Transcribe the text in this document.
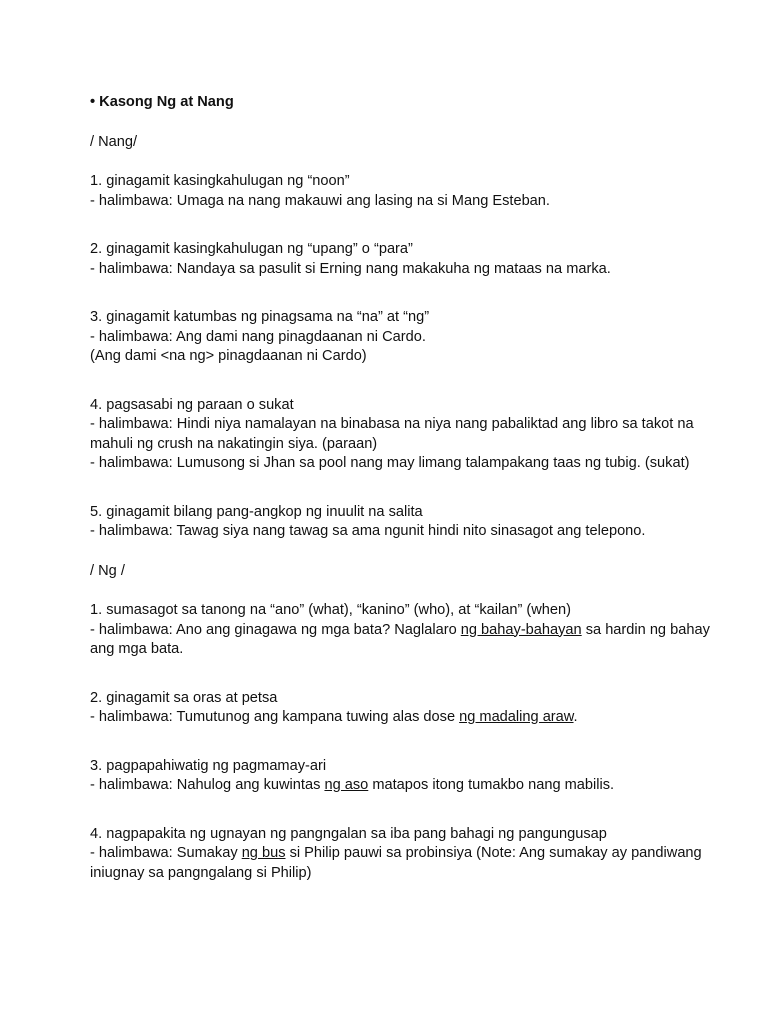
• Kasong Ng at Nang
/ Nang/
1. ginagamit kasingkahulugan ng “noon”
- halimbawa: Umaga na nang makauwi ang lasing na si Mang Esteban.
2. ginagamit kasingkahulugan ng “upang” o “para”
- halimbawa: Nandaya sa pasulit si Erning nang makakuha ng mataas na marka.
3. ginagamit katumbas ng pinagsama na “na” at “ng”
- halimbawa: Ang dami nang pinagdaanan ni Cardo.
(Ang dami <na ng> pinagdaanan ni Cardo)
4. pagsasabi ng paraan o sukat
- halimbawa: Hindi niya namalayan na binabasa na niya nang pabaliktad ang libro sa takot na mahuli ng crush na nakatingin siya. (paraan)
- halimbawa: Lumusong si Jhan sa pool nang may limang talampakang taas ng tubig. (sukat)
5. ginagamit bilang pang-angkop ng inuulit na salita
- halimbawa: Tawag siya nang tawag sa ama ngunit hindi nito sinasagot ang telepono.
/ Ng /
1. sumasagot sa tanong na “ano” (what), “kanino” (who), at “kailan” (when)
- halimbawa: Ano ang ginagawa ng mga bata? Naglalaro ng bahay-bahayan sa hardin ng bahay ang mga bata.
2. ginagamit sa oras at petsa
- halimbawa: Tumutunog ang kampana tuwing alas dose ng madaling araw.
3. pagpapahiwatig ng pagmamay-ari
- halimbawa: Nahulog ang kuwintas ng aso matapos itong tumakbo nang mabilis.
4. nagpapakita ng ugnayan ng pangngalan sa iba pang bahagi ng pangungusap
- halimbawa: Sumakay ng bus si Philip pauwi sa probinsiya (Note: Ang sumakay ay pandiwang iniugnay sa pangngalang si Philip)
